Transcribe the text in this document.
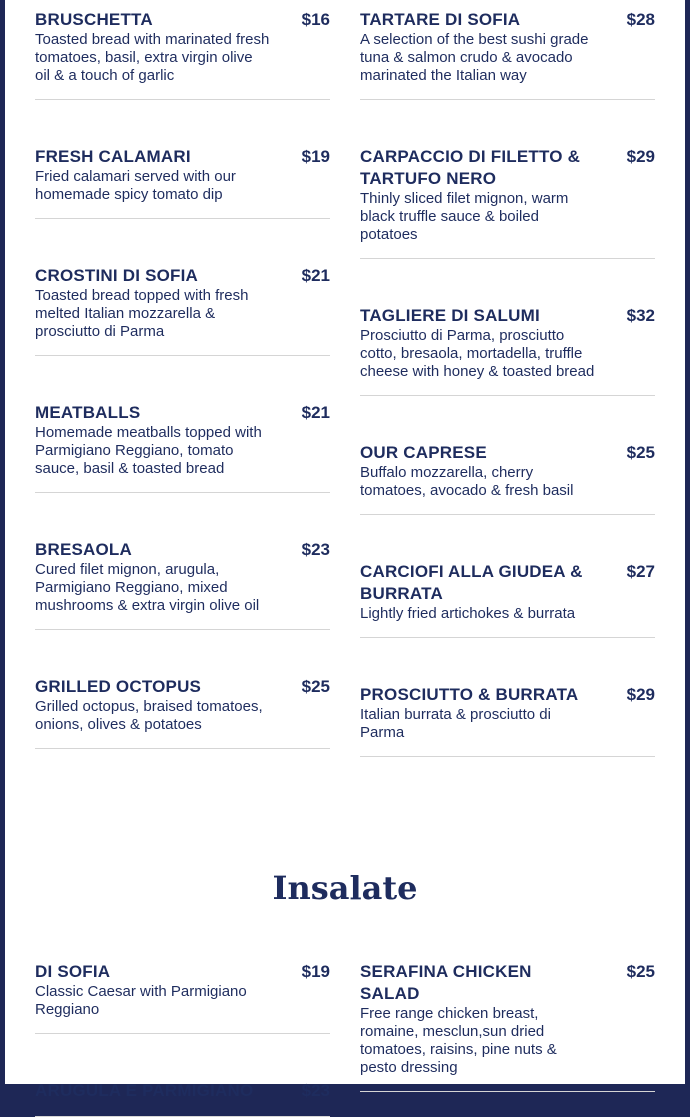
BRUSCHETTA	$16
Toasted bread with marinated fresh tomatoes, basil, extra virgin olive oil & a touch of garlic
FRESH CALAMARI	$19
Fried calamari served with our homemade spicy tomato dip
CROSTINI DI SOFIA	$21
Toasted bread topped with fresh melted Italian mozzarella & prosciutto di Parma
MEATBALLS	$21
Homemade meatballs topped with Parmigiano Reggiano, tomato sauce, basil & toasted bread
BRESAOLA	$23
Cured filet mignon, arugula, Parmigiano Reggiano, mixed mushrooms & extra virgin olive oil
GRILLED OCTOPUS	$25
Grilled octopus, braised tomatoes, onions, olives & potatoes
TARTARE DI SOFIA	$28
A selection of the best sushi grade tuna & salmon crudo & avocado marinated the Italian way
CARPACCIO DI FILETTO & TARTUFO NERO
$29
Thinly sliced filet mignon, warm black truffle sauce & boiled potatoes
TAGLIERE DI SALUMI	$32
Prosciutto di Parma, prosciutto cotto, bresaola, mortadella, truffle cheese with honey & toasted bread
OUR CAPRESE	$25
Buffalo mozzarella, cherry tomatoes, avocado & fresh basil
CARCIOFI ALLA GIUDEA & BURRATA
$27
Lightly fried artichokes & burrata
PROSCIUTTO & BURRATA	$29
Italian burrata & prosciutto di Parma
Insalate
DI SOFIA	$19
Classic Caesar with Parmigiano Reggiano
ARUGULA E PARMIGIANO	$23
SERAFINA CHICKEN SALAD
$25
Free range chicken breast, romaine, mesclun,sun dried tomatoes, raisins, pine nuts & pesto dressing
